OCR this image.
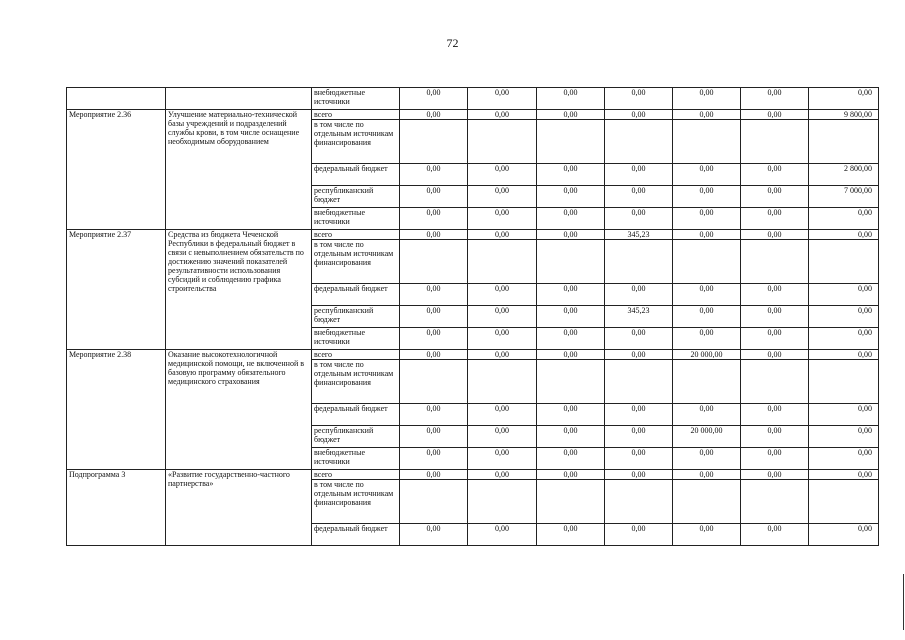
72
		внебюджетные источники	0,00	0,00	0,00	0,00	0,00	0,00	0,00
Мероприятие 2.36	Улучшение материально-технической базы учреждений и подразделений службы крови, в том числе оснащение необходимым оборудованием	всего	0,00	0,00	0,00	0,00	0,00	0,00	9 800,00
		в том числе по отдельным источникам финансирования							
		федеральный бюджет	0,00	0,00	0,00	0,00	0,00	0,00	2 800,00
		республиканский бюджет	0,00	0,00	0,00	0,00	0,00	0,00	7 000,00
		внебюджетные источники	0,00	0,00	0,00	0,00	0,00	0,00	0,00
Мероприятие 2.37	Средства из бюджета Чеченской Республики в федеральный бюджет в связи с невыполнением обязательств по достижению значений показателей результативности использования субсидий и соблюдению графика строительства	всего	0,00	0,00	0,00	345,23	0,00	0,00	0,00
		в том числе по отдельным источникам финансирования							
		федеральный бюджет	0,00	0,00	0,00	0,00	0,00	0,00	0,00
		республиканский бюджет	0,00	0,00	0,00	345,23	0,00	0,00	0,00
		внебюджетные источники	0,00	0,00	0,00	0,00	0,00	0,00	0,00
Мероприятие 2.38	Оказание высокотехнологичной медицинской помощи, не включенной в базовую программу обязательного медицинского страхования	всего	0,00	0,00	0,00	0,00	20 000,00	0,00	0,00
		в том числе по отдельным источникам финансирования							
		федеральный бюджет	0,00	0,00	0,00	0,00	0,00	0,00	0,00
		республиканский бюджет	0,00	0,00	0,00	0,00	20 000,00	0,00	0,00
		внебюджетные источники	0,00	0,00	0,00	0,00	0,00	0,00	0,00
Подпрограмма 3	«Развитие государственно-частного партнерства»	всего	0,00	0,00	0,00	0,00	0,00	0,00	0,00
		в том числе по отдельным источникам финансирования							
		федеральный бюджет	0,00	0,00	0,00	0,00	0,00	0,00	0,00
